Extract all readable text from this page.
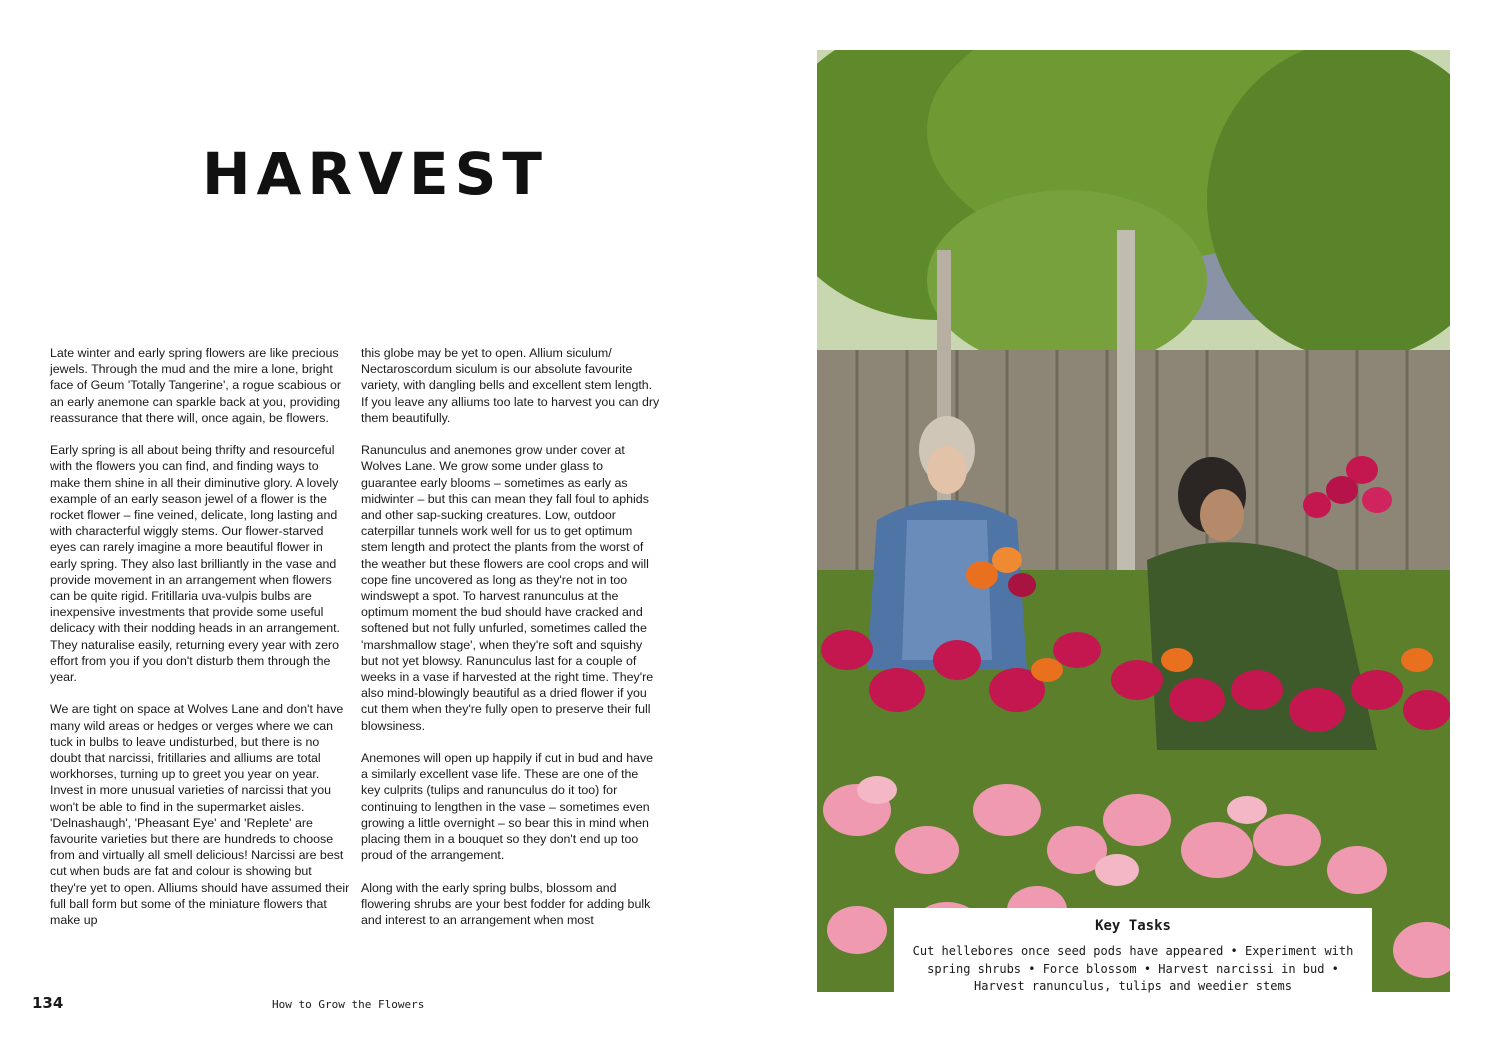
HARVEST

Late winter and early spring flowers are like precious jewels. Through the mud and the mire a lone, bright face of Geum 'Totally Tangerine', a rogue scabious or an early anemone can sparkle back at you, providing reassurance that there will, once again, be flowers.

Early spring is all about being thrifty and resourceful with the flowers you can find, and finding ways to make them shine in all their diminutive glory. A lovely example of an early season jewel of a flower is the rocket flower – fine veined, delicate, long lasting and with characterful wiggly stems. Our flower-starved eyes can rarely imagine a more beautiful flower in early spring. They also last brilliantly in the vase and provide movement in an arrangement when flowers can be quite rigid. Fritillaria uva-vulpis bulbs are inexpensive investments that provide some useful delicacy with their nodding heads in an arrangement. They naturalise easily, returning every year with zero effort from you if you don't disturb them through the year.

We are tight on space at Wolves Lane and don't have many wild areas or hedges or verges where we can tuck in bulbs to leave undisturbed, but there is no doubt that narcissi, fritillaries and alliums are total workhorses, turning up to greet you year on year. Invest in more unusual varieties of narcissi that you won't be able to find in the supermarket aisles. 'Delnashaugh', 'Pheasant Eye' and 'Replete' are favourite varieties but there are hundreds to choose from and virtually all smell delicious! Narcissi are best cut when buds are fat and colour is showing but they're yet to open. Alliums should have assumed their full ball form but some of the miniature flowers that make up

this globe may be yet to open. Allium siculum/ Nectaroscordum siculum is our absolute favourite variety, with dangling bells and excellent stem length. If you leave any alliums too late to harvest you can dry them beautifully.

Ranunculus and anemones grow under cover at Wolves Lane. We grow some under glass to guarantee early blooms – sometimes as early as midwinter – but this can mean they fall foul to aphids and other sap-sucking creatures. Low, outdoor caterpillar tunnels work well for us to get optimum stem length and protect the plants from the worst of the weather but these flowers are cool crops and will cope fine uncovered as long as they're not in too windswept a spot. To harvest ranunculus at the optimum moment the bud should have cracked and softened but not fully unfurled, sometimes called the 'marshmallow stage', when they're soft and squishy but not yet blowsy. Ranunculus last for a couple of weeks in a vase if harvested at the right time. They're also mind-blowingly beautiful as a dried flower if you cut them when they're fully open to preserve their full blowsiness.

Anemones will open up happily if cut in bud and have a similarly excellent vase life. These are one of the key culprits (tulips and ranunculus do it too) for continuing to lengthen in the vase – sometimes even growing a little overnight – so bear this in mind when placing them in a bouquet so they don't end up too proud of the arrangement.

Along with the early spring bulbs, blossom and flowering shrubs are your best fodder for adding bulk and interest to an arrangement when most

134	How to Grow the Flowers
Key Tasks
Cut hellebores once seed pods have appeared • Experiment with spring shrubs • Force blossom • Harvest narcissi in bud • Harvest ranunculus, tulips and weedier stems
